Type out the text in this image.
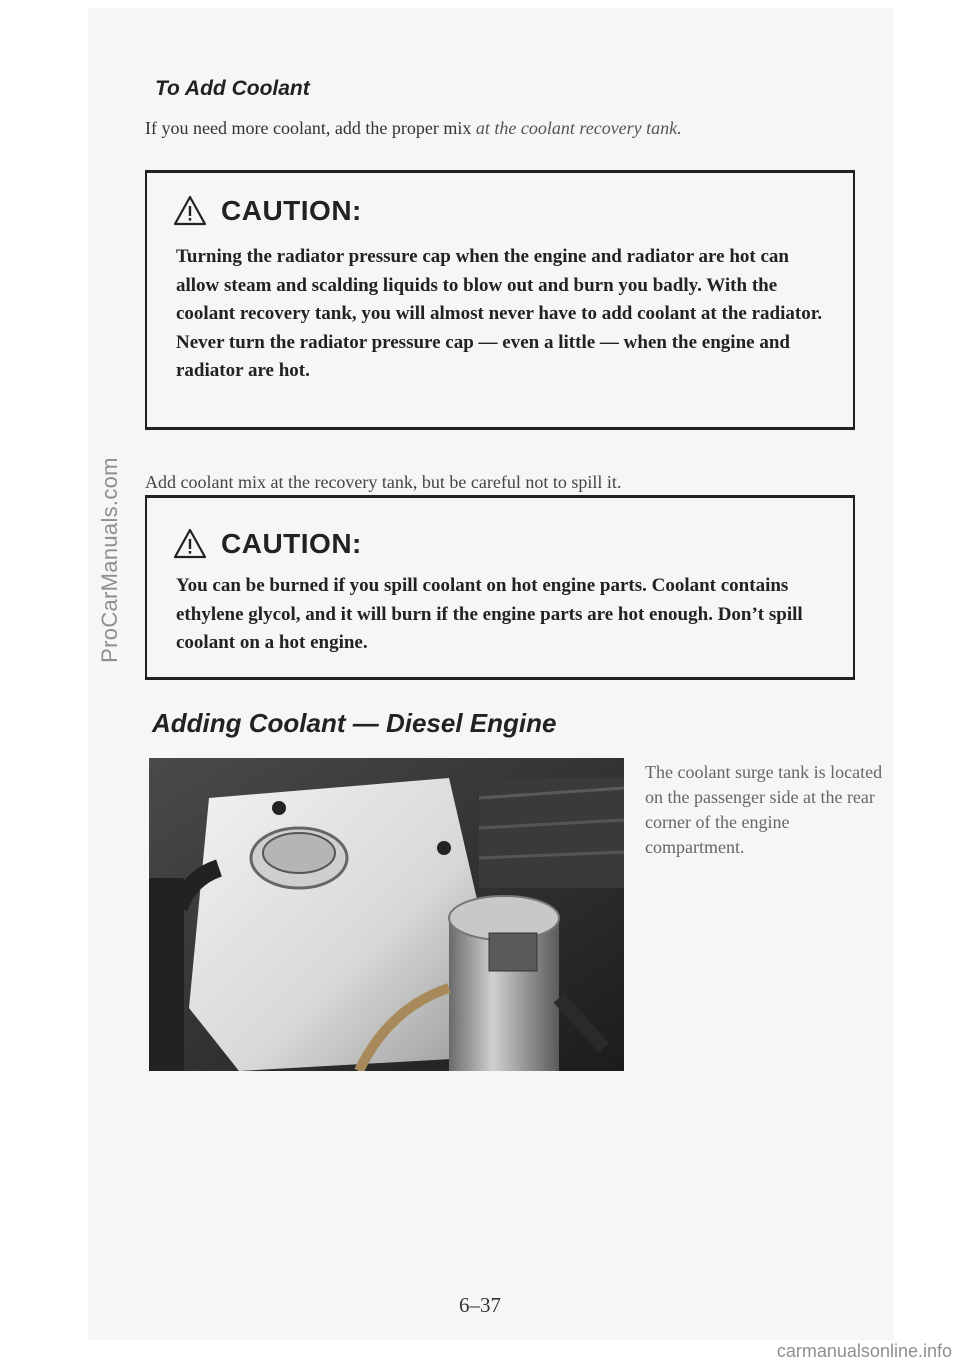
ProCarManuals.com
To Add Coolant
If you need more coolant, add the proper mix at the coolant recovery tank.
CAUTION:
Turning the radiator pressure cap when the engine and radiator are hot can allow steam and scalding liquids to blow out and burn you badly. With the coolant recovery tank, you will almost never have to add coolant at the radiator. Never turn the radiator pressure cap — even a little — when the engine and radiator are hot.
Add coolant mix at the recovery tank, but be careful not to spill it.
CAUTION:
You can be burned if you spill coolant on hot engine parts. Coolant contains ethylene glycol, and it will burn if the engine parts are hot enough. Don’t spill coolant on a hot engine.
Adding Coolant — Diesel Engine
The coolant surge tank is located on the passenger side at the rear corner of the engine compartment.
6–37
carmanualsonline.info
